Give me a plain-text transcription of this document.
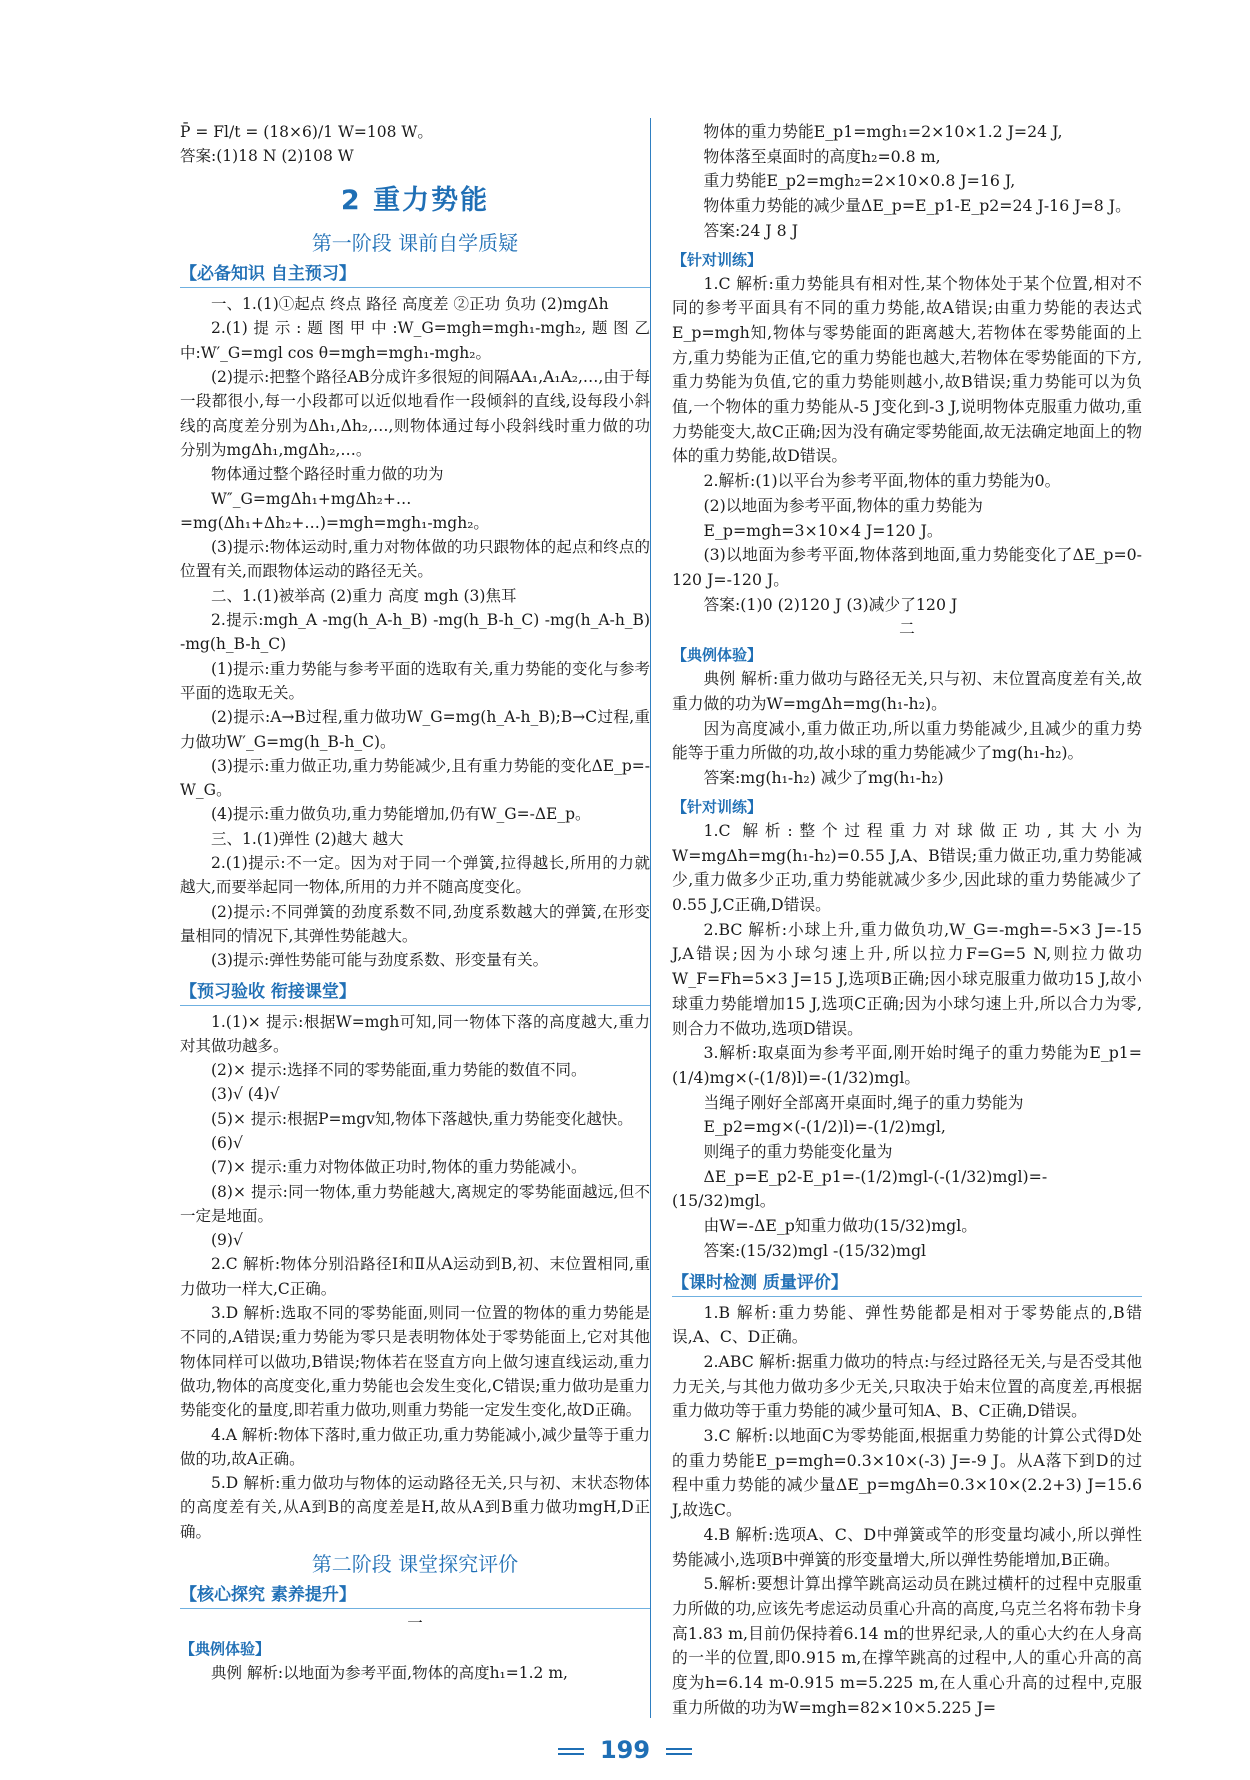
P̄ = Fl/t = (18×6)/1 W=108 W。

答案:(1)18 N (2)108 W

2 重力势能
第一阶段 课前自学质疑
【必备知识 自主预习】

一、1.(1)①起点 终点 路径 高度差 ②正功 负功 (2)mgΔh

2.(1)提示:题图甲中:W_G=mgh=mgh₁-mgh₂,题图乙中:W′_G=mgl cos θ=mgh=mgh₁-mgh₂。

(2)提示:把整个路径AB分成许多很短的间隔AA₁,A₁A₂,…,由于每一段都很小,每一小段都可以近似地看作一段倾斜的直线,设每段小斜线的高度差分别为Δh₁,Δh₂,…,则物体通过每小段斜线时重力做的功分别为mgΔh₁,mgΔh₂,…。

物体通过整个路径时重力做的功为

W″_G=mgΔh₁+mgΔh₂+…=mg(Δh₁+Δh₂+…)=mgh=mgh₁-mgh₂。

(3)提示:物体运动时,重力对物体做的功只跟物体的起点和终点的位置有关,而跟物体运动的路径无关。

二、1.(1)被举高 (2)重力 高度 mgh (3)焦耳

2.提示:mgh_A -mg(h_A-h_B) -mg(h_B-h_C) -mg(h_A-h_B) -mg(h_B-h_C)

(1)提示:重力势能与参考平面的选取有关,重力势能的变化与参考平面的选取无关。

(2)提示:A→B过程,重力做功W_G=mg(h_A-h_B);B→C过程,重力做功W′_G=mg(h_B-h_C)。

(3)提示:重力做正功,重力势能减少,且有重力势能的变化ΔE_p=-W_G。

(4)提示:重力做负功,重力势能增加,仍有W_G=-ΔE_p。

三、1.(1)弹性 (2)越大 越大

2.(1)提示:不一定。因为对于同一个弹簧,拉得越长,所用的力就越大,而要举起同一物体,所用的力并不随高度变化。

(2)提示:不同弹簧的劲度系数不同,劲度系数越大的弹簧,在形变量相同的情况下,其弹性势能越大。

(3)提示:弹性势能可能与劲度系数、形变量有关。

【预习验收 衔接课堂】

1.(1)× 提示:根据W=mgh可知,同一物体下落的高度越大,重力对其做功越多。

(2)× 提示:选择不同的零势能面,重力势能的数值不同。

(3)√ (4)√

(5)× 提示:根据P=mgv知,物体下落越快,重力势能变化越快。

(6)√

(7)× 提示:重力对物体做正功时,物体的重力势能减小。

(8)× 提示:同一物体,重力势能越大,离规定的零势能面越远,但不一定是地面。

(9)√

2.C 解析:物体分别沿路径Ⅰ和Ⅱ从A运动到B,初、末位置相同,重力做功一样大,C正确。

3.D 解析:选取不同的零势能面,则同一位置的物体的重力势能是不同的,A错误;重力势能为零只是表明物体处于零势能面上,它对其他物体同样可以做功,B错误;物体若在竖直方向上做匀速直线运动,重力做功,物体的高度变化,重力势能也会发生变化,C错误;重力做功是重力势能变化的量度,即若重力做功,则重力势能一定发生变化,故D正确。

4.A 解析:物体下落时,重力做正功,重力势能减小,减少量等于重力做的功,故A正确。

5.D 解析:重力做功与物体的运动路径无关,只与初、末状态物体的高度差有关,从A到B的高度差是H,故从A到B重力做功mgH,D正确。

第二阶段 课堂探究评价
【核心探究 素养提升】
一
【典例体验】

典例 解析:以地面为参考平面,物体的高度h₁=1.2 m,

物体的重力势能E_p1=mgh₁=2×10×1.2 J=24 J,

物体落至桌面时的高度h₂=0.8 m,

重力势能E_p2=mgh₂=2×10×0.8 J=16 J,

物体重力势能的减少量ΔE_p=E_p1-E_p2=24 J-16 J=8 J。

答案:24 J 8 J

【针对训练】

1.C 解析:重力势能具有相对性,某个物体处于某个位置,相对不同的参考平面具有不同的重力势能,故A错误;由重力势能的表达式E_p=mgh知,物体与零势能面的距离越大,若物体在零势能面的上方,重力势能为正值,它的重力势能也越大,若物体在零势能面的下方,重力势能为负值,它的重力势能则越小,故B错误;重力势能可以为负值,一个物体的重力势能从-5 J变化到-3 J,说明物体克服重力做功,重力势能变大,故C正确;因为没有确定零势能面,故无法确定地面上的物体的重力势能,故D错误。

2.解析:(1)以平台为参考平面,物体的重力势能为0。

(2)以地面为参考平面,物体的重力势能为

E_p=mgh=3×10×4 J=120 J。

(3)以地面为参考平面,物体落到地面,重力势能变化了ΔE_p=0-120 J=-120 J。

答案:(1)0 (2)120 J (3)减少了120 J

二
【典例体验】

典例 解析:重力做功与路径无关,只与初、末位置高度差有关,故重力做的功为W=mgΔh=mg(h₁-h₂)。

因为高度减小,重力做正功,所以重力势能减少,且减少的重力势能等于重力所做的功,故小球的重力势能减少了mg(h₁-h₂)。

答案:mg(h₁-h₂) 减少了mg(h₁-h₂)

【针对训练】

1.C 解析:整个过程重力对球做正功,其大小为W=mgΔh=mg(h₁-h₂)=0.55 J,A、B错误;重力做正功,重力势能减少,重力做多少正功,重力势能就减少多少,因此球的重力势能减少了0.55 J,C正确,D错误。

2.BC 解析:小球上升,重力做负功,W_G=-mgh=-5×3 J=-15 J,A错误;因为小球匀速上升,所以拉力F=G=5 N,则拉力做功W_F=Fh=5×3 J=15 J,选项B正确;因小球克服重力做功15 J,故小球重力势能增加15 J,选项C正确;因为小球匀速上升,所以合力为零,则合力不做功,选项D错误。

3.解析:取桌面为参考平面,刚开始时绳子的重力势能为E_p1=(1/4)mg×(-(1/8)l)=-(1/32)mgl。

当绳子刚好全部离开桌面时,绳子的重力势能为

E_p2=mg×(-(1/2)l)=-(1/2)mgl,

则绳子的重力势能变化量为

ΔE_p=E_p2-E_p1=-(1/2)mgl-(-(1/32)mgl)=-(15/32)mgl。

由W=-ΔE_p知重力做功(15/32)mgl。

答案:(15/32)mgl -(15/32)mgl

【课时检测 质量评价】

1.B 解析:重力势能、弹性势能都是相对于零势能点的,B错误,A、C、D正确。

2.ABC 解析:据重力做功的特点:与经过路径无关,与是否受其他力无关,与其他力做功多少无关,只取决于始末位置的高度差,再根据重力做功等于重力势能的减少量可知A、B、C正确,D错误。

3.C 解析:以地面C为零势能面,根据重力势能的计算公式得D处的重力势能E_p=mgh=0.3×10×(-3) J=-9 J。从A落下到D的过程中重力势能的减少量ΔE_p=mgΔh=0.3×10×(2.2+3) J=15.6 J,故选C。

4.B 解析:选项A、C、D中弹簧或竿的形变量均减小,所以弹性势能减小,选项B中弹簧的形变量增大,所以弹性势能增加,B正确。

5.解析:要想计算出撑竿跳高运动员在跳过横杆的过程中克服重力所做的功,应该先考虑运动员重心升高的高度,乌克兰名将布勃卡身高1.83 m,目前仍保持着6.14 m的世界纪录,人的重心大约在人身高的一半的位置,即0.915 m,在撑竿跳高的过程中,人的重心升高的高度为h=6.14 m-0.915 m=5.225 m,在人重心升高的过程中,克服重力所做的功为W=mgh=82×10×5.225 J=

199
